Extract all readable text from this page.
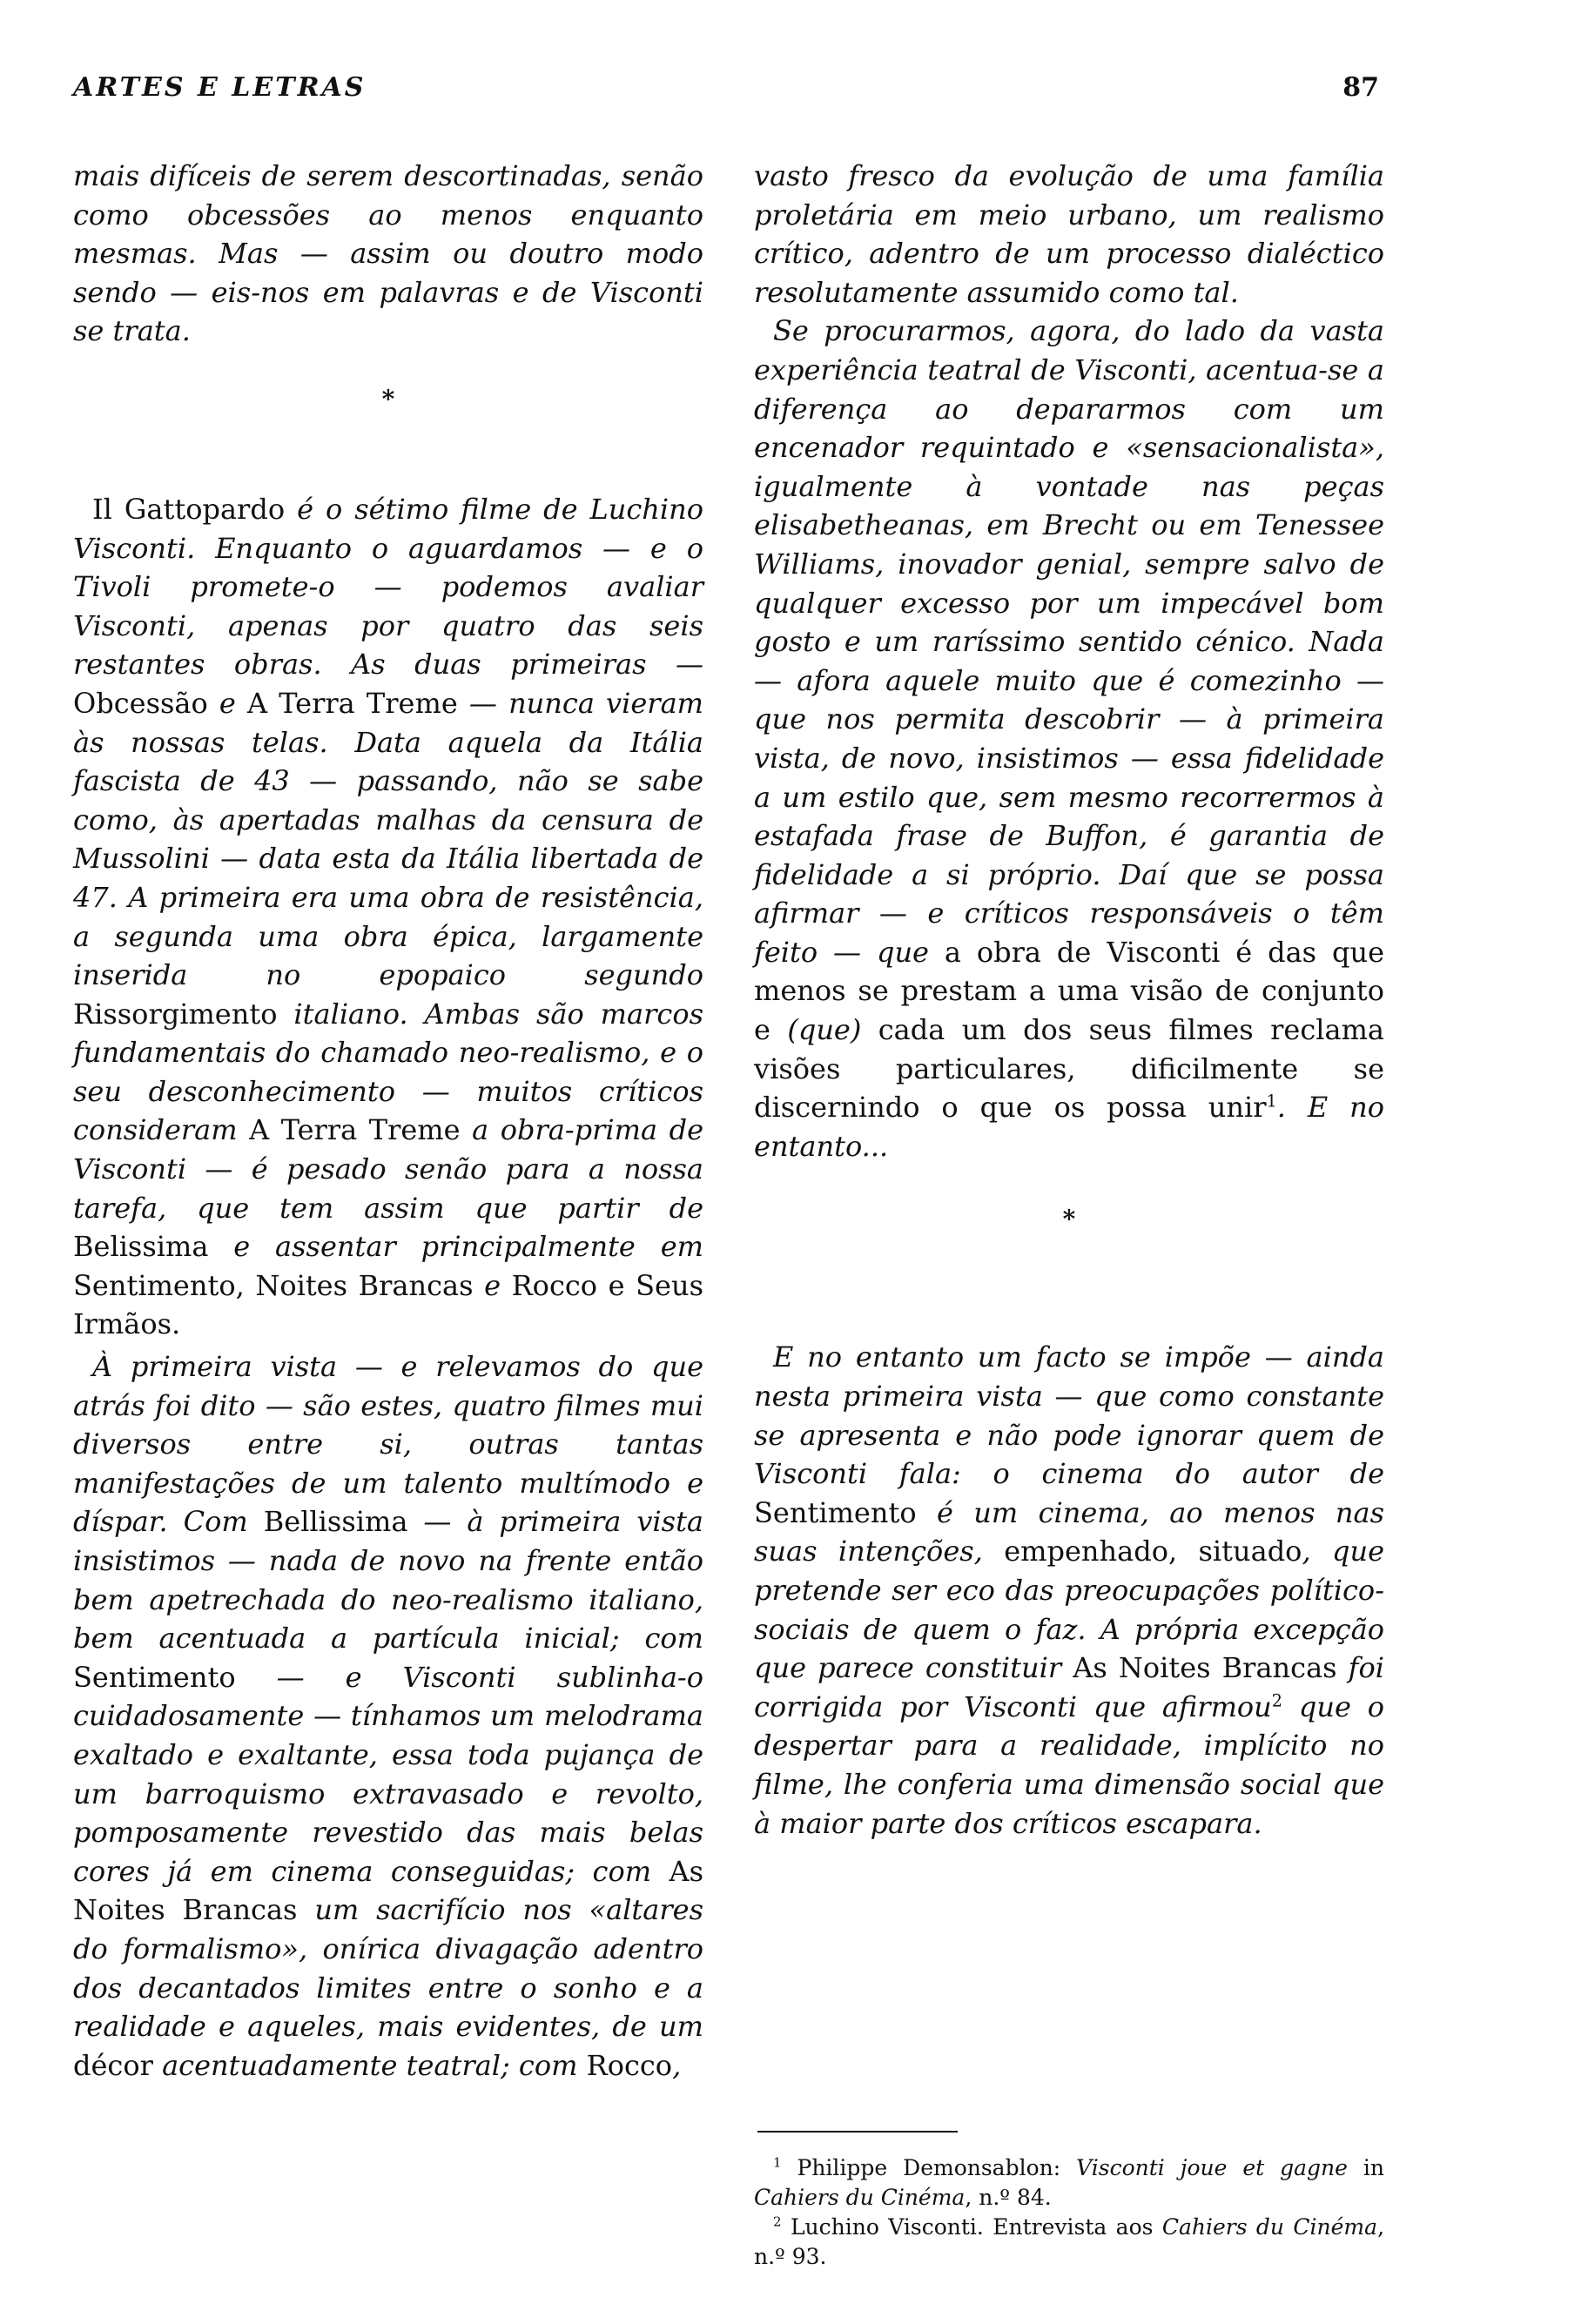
ARTES E LETRAS	87

mais difíceis de serem descortinadas, senão como obcessões ao menos enquanto mesmas. Mas — assim ou doutro modo sendo — eis-nos em palavras e de Visconti se trata.

*

Il Gattopardo é o sétimo filme de Luchino Visconti. Enquanto o aguardamos — e o Tivoli promete-o — podemos avaliar Visconti, apenas por quatro das seis restantes obras. As duas primeiras — Obcessão e A Terra Treme — nunca vieram às nossas telas. Data aquela da Itália fascista de 43 — passando, não se sabe como, às apertadas malhas da censura de Mussolini — data esta da Itália libertada de 47. A primeira era uma obra de resistência, a segunda uma obra épica, largamente inserida no epopaico segundo Rissorgimento italiano. Ambas são marcos fundamentais do chamado neo-realismo, e o seu desconhecimento — muitos críticos consideram A Terra Treme a obra-prima de Visconti — é pesado senão para a nossa tarefa, que tem assim que partir de Belissima e assentar principalmente em Sentimento, Noites Brancas e Rocco e Seus Irmãos.

À primeira vista — e relevamos do que atrás foi dito — são estes, quatro filmes mui diversos entre si, outras tantas manifestações de um talento multímodo e díspar. Com Bellissima — à primeira vista insistimos — nada de novo na frente então bem apetrechada do neo-realismo italiano, bem acentuada a partícula inicial; com Sentimento — e Visconti sublinha-o cuidadosamente — tínhamos um melodrama exaltado e exaltante, essa toda pujança de um barroquismo extravasado e revolto, pomposamente revestido das mais belas cores já em cinema conseguidas; com As Noites Brancas um sacrifício nos «altares do formalismo», onírica divagação adentro dos decantados limites entre o sonho e a realidade e aqueles, mais evidentes, de um décor acentuadamente teatral; com Rocco,

vasto fresco da evolução de uma família proletária em meio urbano, um realismo crítico, adentro de um processo dialéctico resolutamente assumido como tal.

Se procurarmos, agora, do lado da vasta experiência teatral de Visconti, acentua-se a diferença ao depararmos com um encenador requintado e «sensacionalista», igualmente à vontade nas peças elisabetheanas, em Brecht ou em Tenessee Williams, inovador genial, sempre salvo de qualquer excesso por um impecável bom gosto e um raríssimo sentido cénico. Nada — afora aquele muito que é comezinho — que nos permita descobrir — à primeira vista, de novo, insistimos — essa fidelidade a um estilo que, sem mesmo recorrermos à estafada frase de Buffon, é garantia de fidelidade a si próprio. Daí que se possa afirmar — e críticos responsáveis o têm feito — que a obra de Visconti é das que menos se prestam a uma visão de conjunto e (que) cada um dos seus filmes reclama visões particulares, dificilmente se discernindo o que os possa unir$^1$. E no entanto...

*

E no entanto um facto se impõe — ainda nesta primeira vista — que como constante se apresenta e não pode ignorar quem de Visconti fala: o cinema do autor de Sentimento é um cinema, ao menos nas suas intenções, empenhado, situado, que pretende ser eco das preocupações político-sociais de quem o faz. A própria excepção que parece constituir As Noites Brancas foi corrigida por Visconti que afirmou$^2$ que o despertar para a realidade, implícito no filme, lhe conferia uma dimensão social que à maior parte dos críticos escapara.

$^1$ Philippe Demonsablon: Visconti joue et gagne in Cahiers du Cinéma, n.º 84.

$^2$ Luchino Visconti. Entrevista aos Cahiers du Cinéma, n.º 93.
